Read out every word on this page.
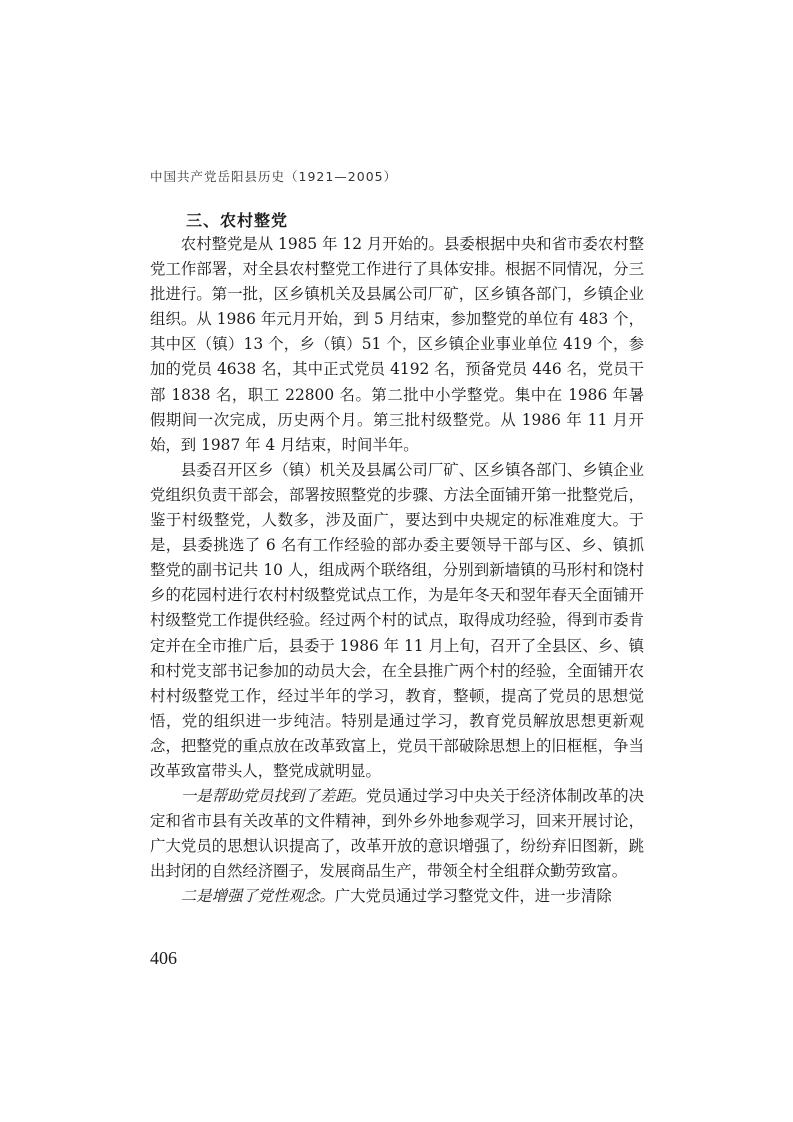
中国共产党岳阳县历史（1921—2005）
三、农村整党

农村整党是从 1985 年 12 月开始的。县委根据中央和省市委农村整党工作部署，对全县农村整党工作进行了具体安排。根据不同情况，分三批进行。第一批，区乡镇机关及县属公司厂矿，区乡镇各部门，乡镇企业组织。从 1986 年元月开始，到 5 月结束，参加整党的单位有 483 个，其中区（镇）13 个，乡（镇）51 个，区乡镇企业事业单位 419 个，参加的党员 4638 名，其中正式党员 4192 名，预备党员 446 名，党员干部 1838 名，职工 22800 名。第二批中小学整党。集中在 1986 年暑假期间一次完成，历史两个月。第三批村级整党。从 1986 年 11 月开始，到 1987 年 4 月结束，时间半年。

县委召开区乡（镇）机关及县属公司厂矿、区乡镇各部门、乡镇企业党组织负责干部会，部署按照整党的步骤、方法全面铺开第一批整党后，鉴于村级整党，人数多，涉及面广，要达到中央规定的标准难度大。于是，县委挑选了 6 名有工作经验的部办委主要领导干部与区、乡、镇抓整党的副书记共 10 人，组成两个联络组，分别到新墙镇的马形村和饶村乡的花园村进行农村村级整党试点工作，为是年冬天和翌年春天全面铺开村级整党工作提供经验。经过两个村的试点，取得成功经验，得到市委肯定并在全市推广后，县委于 1986 年 11 月上旬，召开了全县区、乡、镇和村党支部书记参加的动员大会，在全县推广两个村的经验，全面铺开农村村级整党工作，经过半年的学习，教育，整顿，提高了党员的思想觉悟，党的组织进一步纯洁。特别是通过学习，教育党员解放思想更新观念，把整党的重点放在改革致富上，党员干部破除思想上的旧框框，争当改革致富带头人，整党成就明显。

一是帮助党员找到了差距。党员通过学习中央关于经济体制改革的决定和省市县有关改革的文件精神，到外乡外地参观学习，回来开展讨论，广大党员的思想认识提高了，改革开放的意识增强了，纷纷弃旧图新，跳出封闭的自然经济圈子，发展商品生产，带领全村全组群众勤劳致富。

二是增强了党性观念。广大党员通过学习整党文件，进一步清除

406
